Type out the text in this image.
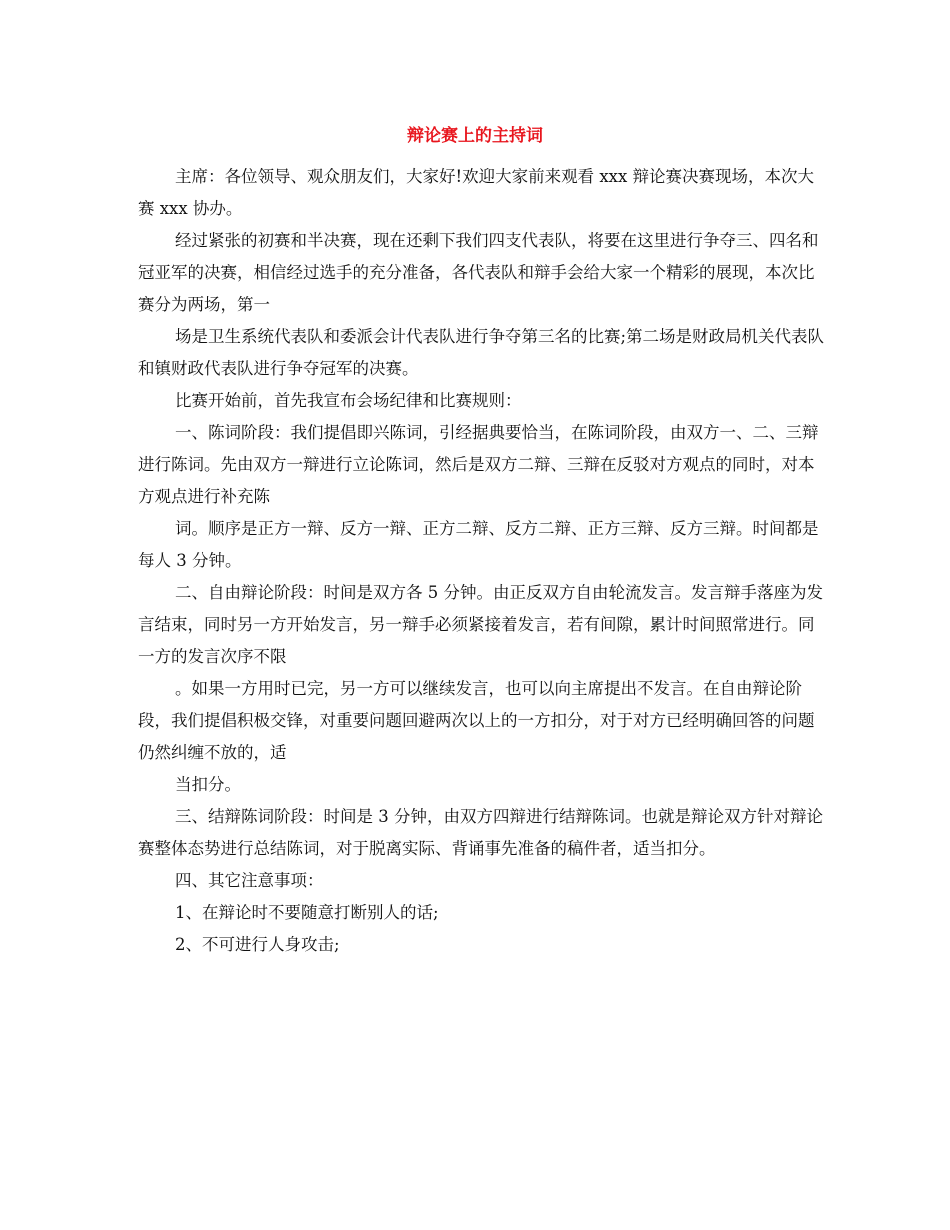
辩论赛上的主持词

主席：各位领导、观众朋友们，大家好!欢迎大家前来观看 xxx 辩论赛决赛现场，本次大赛 xxx 协办。

经过紧张的初赛和半决赛，现在还剩下我们四支代表队，将要在这里进行争夺三、四名和冠亚军的决赛，相信经过选手的充分准备，各代表队和辩手会给大家一个精彩的展现，本次比赛分为两场，第一

场是卫生系统代表队和委派会计代表队进行争夺第三名的比赛;第二场是财政局机关代表队和镇财政代表队进行争夺冠军的决赛。

比赛开始前，首先我宣布会场纪律和比赛规则：

一、陈词阶段：我们提倡即兴陈词，引经据典要恰当，在陈词阶段，由双方一、二、三辩进行陈词。先由双方一辩进行立论陈词，然后是双方二辩、三辩在反驳对方观点的同时，对本方观点进行补充陈

词。顺序是正方一辩、反方一辩、正方二辩、反方二辩、正方三辩、反方三辩。时间都是每人 3 分钟。

二、自由辩论阶段：时间是双方各 5 分钟。由正反双方自由轮流发言。发言辩手落座为发言结束，同时另一方开始发言，另一辩手必须紧接着发言，若有间隙，累计时间照常进行。同一方的发言次序不限

。如果一方用时已完，另一方可以继续发言，也可以向主席提出不发言。在自由辩论阶段，我们提倡积极交锋，对重要问题回避两次以上的一方扣分，对于对方已经明确回答的问题仍然纠缠不放的，适

当扣分。

三、结辩陈词阶段：时间是 3 分钟，由双方四辩进行结辩陈词。也就是辩论双方针对辩论赛整体态势进行总结陈词，对于脱离实际、背诵事先准备的稿件者，适当扣分。

四、其它注意事项：

1、在辩论时不要随意打断别人的话;

2、不可进行人身攻击;
